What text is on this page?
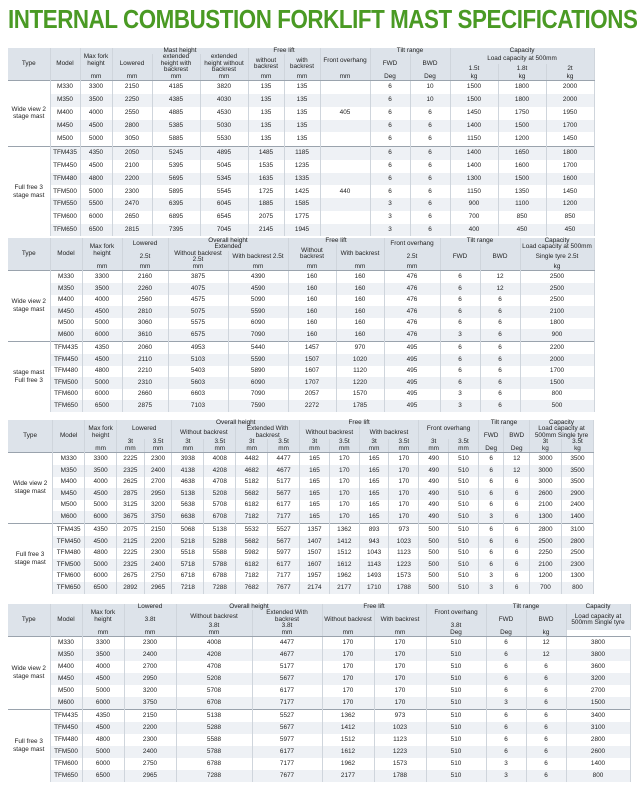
INTERNAL COMBUSTION FORKLIFT MAST SPECIFICATIONS
Type	Model	Max fork height	Mast height			Free lift		Front overhang	Tilt range		Capacity		
			Lowered	extended height with backrest	extended height without backrest	without backrest	with backrest		FWD	BWD	Load capacity at 500mm		
											1.5t	1.8t	2t
		mm	mm	mm	mm	mm	mm	mm	Deg	Deg	kg	kg	kg
Wide view 2 stage mast	M330	3300	2150	4185	3820	135	135		6	10	1500	1800	2000
	M350	3500	2250	4385	4030	135	135		6	10	1500	1800	2000
	M400	4000	2550	4885	4530	135	135	405	6	6	1450	1750	1950
	M450	4500	2800	5385	5030	135	135		6	6	1400	1500	1700
	M500	5000	3050	5885	5530	135	135		6	6	1150	1200	1450
Full free 3 stage mast	TFM435	4350	2050	5245	4895	1485	1185		6	6	1400	1650	1800
	TFM450	4500	2100	5395	5045	1535	1235		6	6	1400	1600	1700
	TFM480	4800	2200	5695	5345	1635	1335		6	6	1300	1500	1600
	TFM500	5000	2300	5895	5545	1725	1425	440	6	6	1150	1350	1450
	TFM550	5500	2470	6395	6045	1885	1585		3	6	900	1100	1200
	TFM600	6000	2650	6895	6545	2075	1775		3	6	700	850	850
	TFM650	6500	2815	7395	7045	2145	1945		3	6	400	450	450
Type	Model	Max fork height	Lowered	Overall height		Free lift		Front overhang	Tilt range		Capacity
				Extended		Without backrest	With backrest		FWD	BWD	Load capacity at 500mm
			2.5t	Without backrest 2.5t	With backrest 2.5t			2.5t			Single tyre 2.5t
		mm	mm	mm	mm	mm	mm	mm			kg
Wide view 2 stage mast	M330	3300	2160	3875	4390	160	160	476	6	12	2500
	M350	3500	2260	4075	4590	160	160	476	6	12	2500
	M400	4000	2560	4575	5090	160	160	476	6	6	2500
	M450	4500	2810	5075	5590	160	160	476	6	6	2100
	M500	5000	3060	5575	6090	160	160	476	6	6	1800
	M600	6000	3610	6575	7090	160	160	476	3	6	900
stage mast Full free 3	TFM435	4350	2060	4953	5440	1457	970	495	6	6	2200
	TFM450	4500	2110	5103	5590	1507	1020	495	6	6	2000
	TFM480	4800	2210	5403	5890	1607	1120	495	6	6	1700
	TFM500	5000	2310	5603	6090	1707	1220	495	6	6	1500
	TFM600	6000	2660	6603	7090	2057	1570	495	3	6	800
	TFM650	6500	2875	7103	7590	2272	1785	495	3	6	500
Type	Model	Max fork height	Lowered		Overall height				Free lift				Front overhang		Tilt range		Capacity	
					Without backrest		Extended With backrest		Without backrest		With backrest				FWD	BWD	Load capacity at 500mm Single tyre	
			3t	3.5t	3t	3.5t	3t	3.5t	3t	3.5t	3t	3.5t	3t	3.5t			3t	3.5t
		mm	mm	mm	mm	mm	mm	mm	mm	mm	mm	mm	mm	mm	Deg	Deg	kg	kg
Wide view 2 stage mast	M330	3300	2225	2300	3938	4008	4482	4477	165	170	165	170	490	510	6	12	3000	3500
	M350	3500	2325	2400	4138	4208	4682	4677	165	170	165	170	490	510	6	12	3000	3500
	M400	4000	2625	2700	4638	4708	5182	5177	165	170	165	170	490	510	6	6	3000	3500
	M450	4500	2875	2950	5138	5208	5682	5677	165	170	165	170	490	510	6	6	2600	2900
	M500	5000	3125	3200	5638	5708	6182	6177	165	170	165	170	490	510	6	6	2100	2400
	M600	6000	3675	3750	6638	6708	7182	7177	165	170	165	170	490	510	3	6	1300	1400
Full free 3 stage mast	TFM435	4350	2075	2150	5068	5138	5532	5527	1357	1362	893	973	500	510	6	6	2800	3100
	TFM450	4500	2125	2200	5218	5288	5682	5677	1407	1412	943	1023	500	510	6	6	2500	2800
	TFM480	4800	2225	2300	5518	5588	5982	5977	1507	1512	1043	1123	500	510	6	6	2250	2500
	TFM500	5000	2325	2400	5718	5788	6182	6177	1607	1612	1143	1223	500	510	6	6	2100	2300
	TFM600	6000	2675	2750	6718	6788	7182	7177	1957	1962	1493	1573	500	510	3	6	1200	1300
	TFM650	6500	2892	2965	7218	7288	7682	7677	2174	2177	1710	1788	500	510	3	6	700	800
Type	Model	Max fork height	Lowered	Overall height		Free lift		Front overhang	Tilt range		Capacity
			3.8t	Without backrest	Extended With backrest	Without backrest	With backrest		FWD	BWD	Load capacity at 500mm Single tyre
				3.8t	3.8t			3.8t			
		mm	mm	mm	mm	mm	mm	Deg	Deg	kg	
Wide view 2 stage mast	M330	3300	2300	4008	4477	170	170	510	6	12	3800
	M350	3500	2400	4208	4677	170	170	510	6	12	3800
	M400	4000	2700	4708	5177	170	170	510	6	6	3600
	M450	4500	2950	5208	5677	170	170	510	6	6	3200
	M500	5000	3200	5708	6177	170	170	510	6	6	2700
	M600	6000	3750	6708	7177	170	170	510	3	6	1500
Full free 3 stage mast	TFM435	4350	2150	5138	5527	1362	973	510	6	6	3400
	TFM450	4500	2200	5288	5677	1412	1023	510	6	6	3100
	TFM480	4800	2300	5588	5977	1512	1123	510	6	6	2800
	TFM500	5000	2400	5788	6177	1612	1223	510	6	6	2600
	TFM600	6000	2750	6788	7177	1962	1573	510	3	6	1400
	TFM650	6500	2965	7288	7677	2177	1788	510	3	6	800
